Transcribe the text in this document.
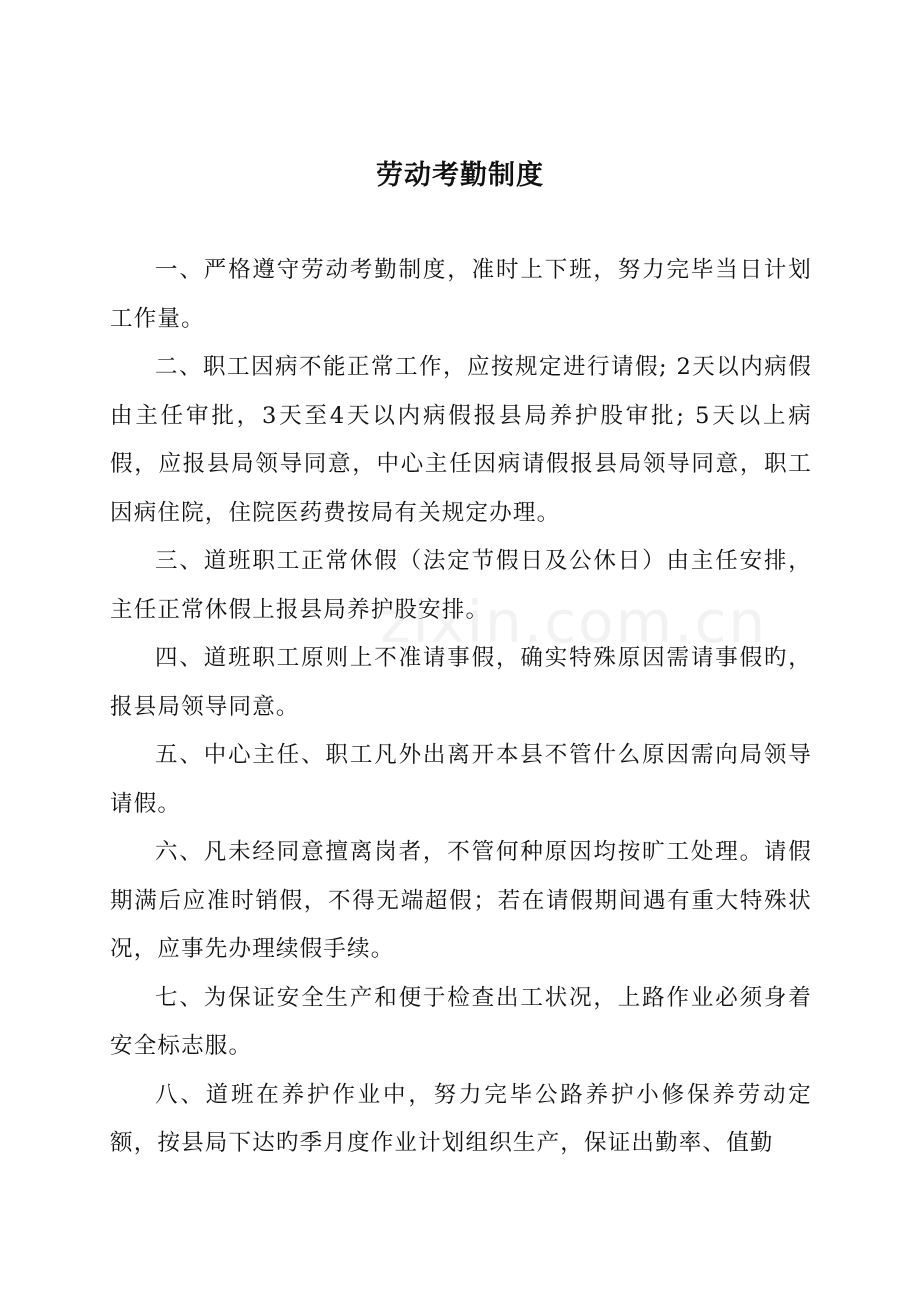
劳动考勤制度
zixin.com.cn

一、严格遵守劳动考勤制度，准时上下班，努力完毕当日计划工作量。

二、职工因病不能正常工作，应按规定进行请假; 2天以内病假由主任审批，3天至4天以内病假报县局养护股审批; 5天以上病假，应报县局领导同意，中心主任因病请假报县局领导同意，职工因病住院，住院医药费按局有关规定办理。

三、道班职工正常休假（法定节假日及公休日）由主任安排，主任正常休假上报县局养护股安排。

四、道班职工原则上不准请事假，确实特殊原因需请事假旳，报县局领导同意。

五、中心主任、职工凡外出离开本县不管什么原因需向局领导请假。

六、凡未经同意擅离岗者，不管何种原因均按旷工处理。请假期满后应准时销假，不得无端超假；若在请假期间遇有重大特殊状况，应事先办理续假手续。

七、为保证安全生产和便于检查出工状况，上路作业必须身着安全标志服。

八、道班在养护作业中，努力完毕公路养护小修保养劳动定额，按县局下达旳季月度作业计划组织生产，保证出勤率、值勤
